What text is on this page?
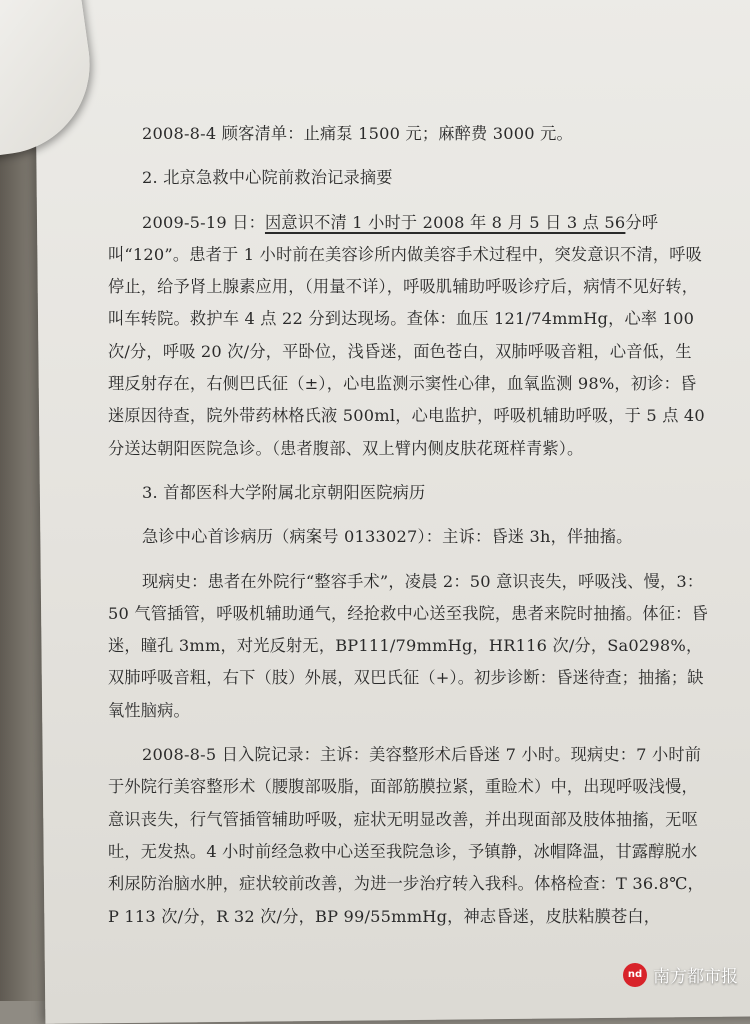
2008-8-4 顾客清单：止痛泵 1500 元；麻醉费 3000 元。

2. 北京急救中心院前救治记录摘要

2009-5-19 日：因意识不清 1 小时于 2008 年 8 月 5 日 3 点 56分呼叫“120”。患者于 1 小时前在美容诊所内做美容手术过程中，突发意识不清，呼吸停止，给予肾上腺素应用，（用量不详），呼吸肌辅助呼吸诊疗后，病情不见好转，叫车转院。救护车 4 点 22 分到达现场。查体：血压 121/74mmHg，心率 100 次/分，呼吸 20 次/分，平卧位，浅昏迷，面色苍白，双肺呼吸音粗，心音低，生理反射存在，右侧巴氏征（±），心电监测示窦性心律，血氧监测 98%，初诊：昏迷原因待查，院外带药林格氏液 500ml，心电监护，呼吸机辅助呼吸，于 5 点 40 分送达朝阳医院急诊。（患者腹部、双上臂内侧皮肤花斑样青紫）。

3. 首都医科大学附属北京朝阳医院病历

急诊中心首诊病历（病案号 0133027）：主诉：昏迷 3h，伴抽搐。

现病史：患者在外院行“整容手术”，凌晨 2：50 意识丧失，呼吸浅、慢，3：50 气管插管，呼吸机辅助通气，经抢救中心送至我院，患者来院时抽搐。体征：昏迷，瞳孔 3mm，对光反射无，BP111/79mmHg，HR116 次/分，Sa0298%，双肺呼吸音粗，右下（肢）外展，双巴氏征（+）。初步诊断：昏迷待查；抽搐；缺氧性脑病。

2008-8-5 日入院记录：主诉：美容整形术后昏迷 7 小时。现病史：7 小时前于外院行美容整形术（腰腹部吸脂，面部筋膜拉紧，重睑术）中，出现呼吸浅慢，意识丧失，行气管插管辅助呼吸，症状无明显改善，并出现面部及肢体抽搐，无呕吐，无发热。4 小时前经急救中心送至我院急诊，予镇静，冰帽降温，甘露醇脱水利尿防治脑水肿，症状较前改善，为进一步治疗转入我科。体格检查：T 36.8℃，P 113 次/分，R 32 次/分，BP 99/55mmHg，神志昏迷，皮肤粘膜苍白，

nd 南方都市报
